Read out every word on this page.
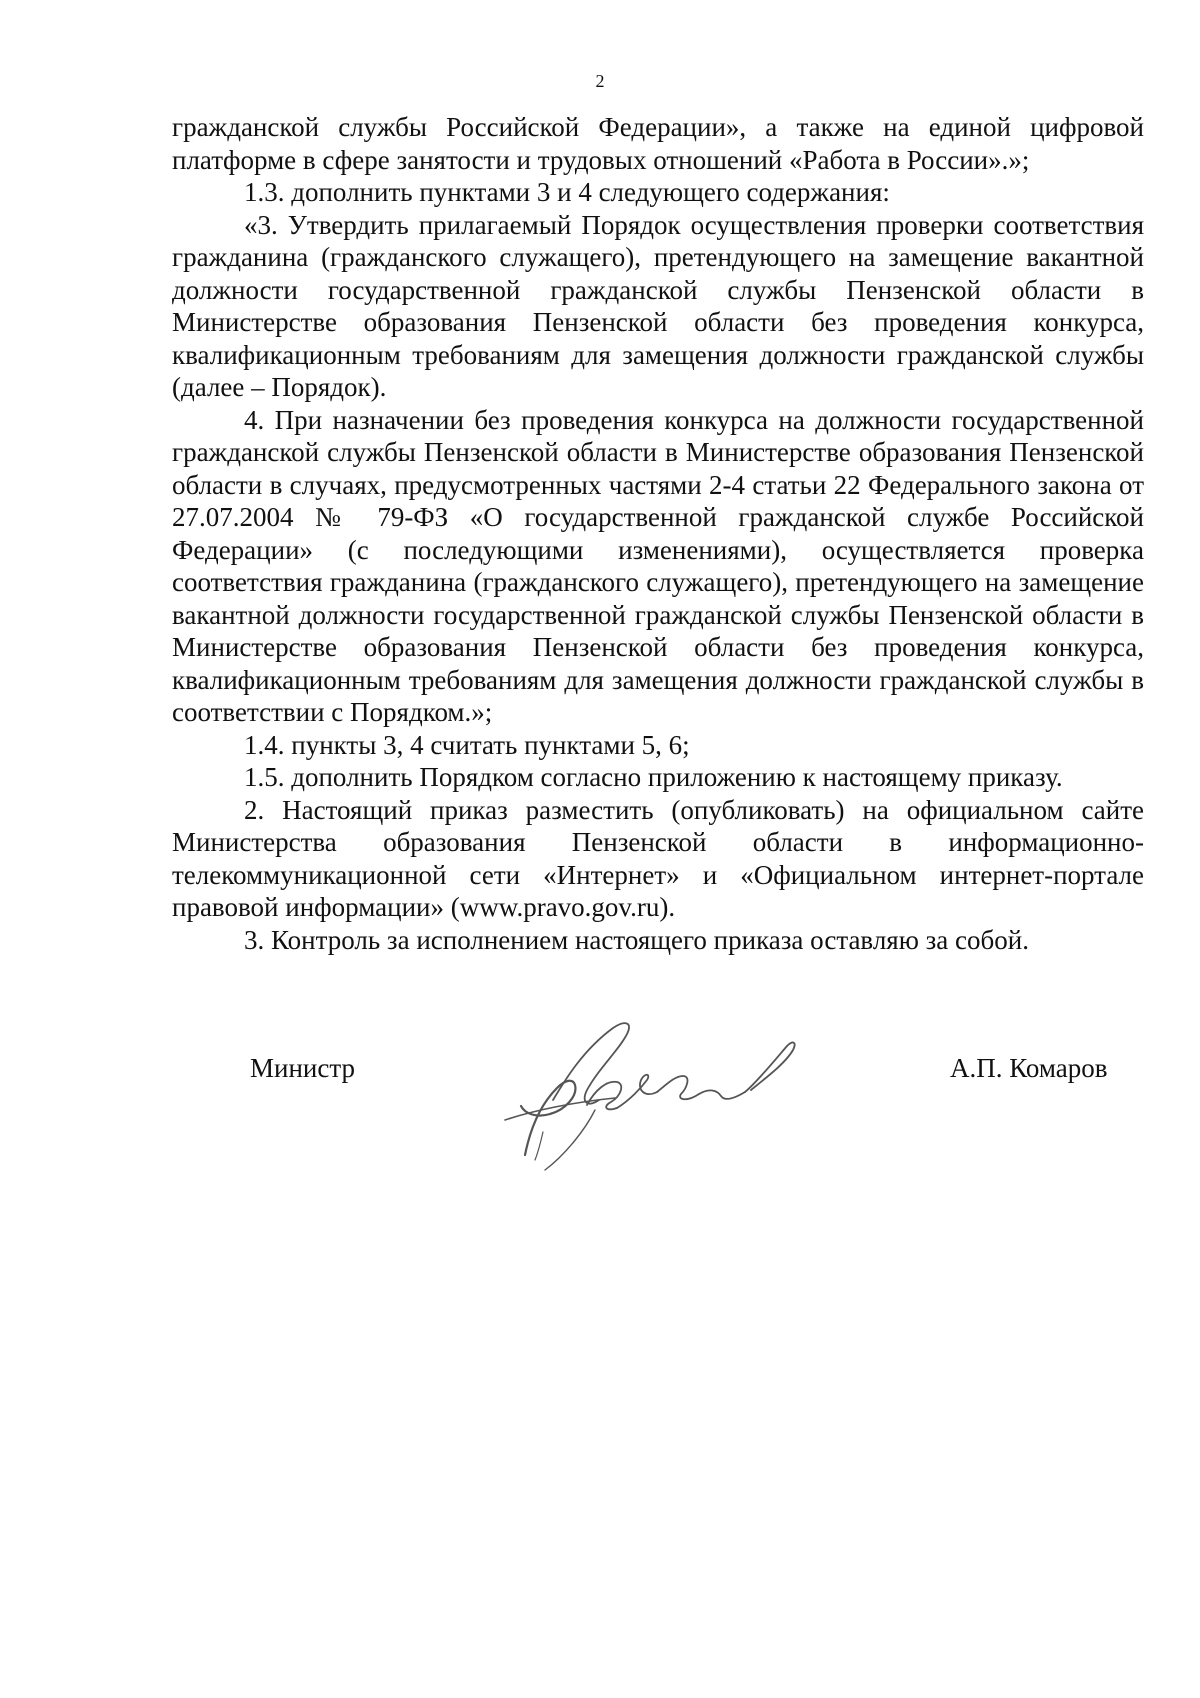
2

гражданской службы Российской Федерации», а также на единой цифровой платформе в сфере занятости и трудовых отношений «Работа в России».»;

1.3. дополнить пунктами 3 и 4 следующего содержания:

«3. Утвердить прилагаемый Порядок осуществления проверки соответствия гражданина (гражданского служащего), претендующего на замещение вакантной должности государственной гражданской службы Пензенской области в Министерстве образования Пензенской области без проведения конкурса, квалификационным требованиям для замещения должности гражданской службы (далее – Порядок).

4. При назначении без проведения конкурса на должности государственной гражданской службы Пензенской области в Министерстве образования Пензенской области в случаях, предусмотренных частями 2-4 статьи 22 Федерального закона от 27.07.2004 № 79-ФЗ «О государственной гражданской службе Российской Федерации» (с последующими изменениями), осуществляется проверка соответствия гражданина (гражданского служащего), претендующего на замещение вакантной должности государственной гражданской службы Пензенской области в Министерстве образования Пензенской области без проведения конкурса, квалификационным требованиям для замещения должности гражданской службы в соответствии с Порядком.»;

1.4. пункты 3, 4 считать пунктами 5, 6;

1.5. дополнить Порядком согласно приложению к настоящему приказу.

2. Настоящий приказ разместить (опубликовать) на официальном сайте Министерства образования Пензенской области в информационно-телекоммуникационной сети «Интернет» и «Официальном интернет-портале правовой информации» (www.pravo.gov.ru).

3. Контроль за исполнением настоящего приказа оставляю за собой.

Министр	А.П. Комаров
